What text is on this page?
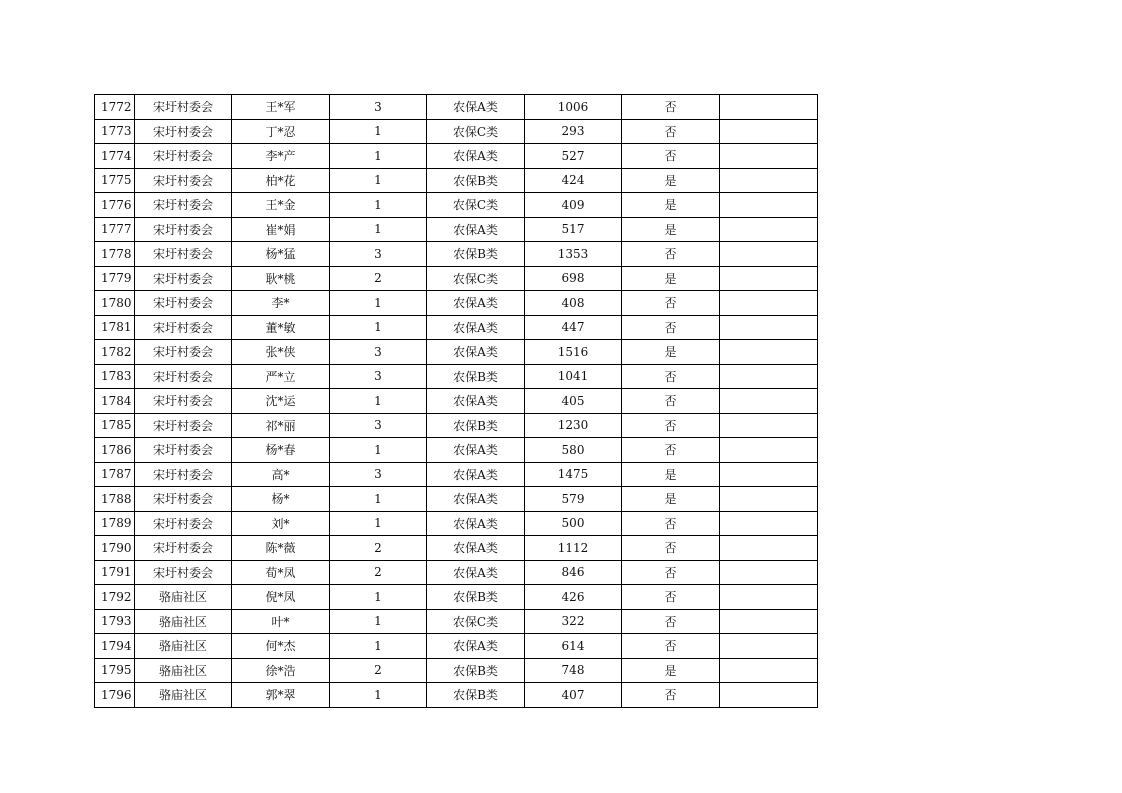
1772	宋圩村委会	王*军	3	农保A类	1006	否	
1773	宋圩村委会	丁*忍	1	农保C类	293	否	
1774	宋圩村委会	李*产	1	农保A类	527	否	
1775	宋圩村委会	柏*花	1	农保B类	424	是	
1776	宋圩村委会	王*金	1	农保C类	409	是	
1777	宋圩村委会	崔*娟	1	农保A类	517	是	
1778	宋圩村委会	杨*猛	3	农保B类	1353	否	
1779	宋圩村委会	耿*桃	2	农保C类	698	是	
1780	宋圩村委会	李*	1	农保A类	408	否	
1781	宋圩村委会	董*敏	1	农保A类	447	否	
1782	宋圩村委会	张*侠	3	农保A类	1516	是	
1783	宋圩村委会	严*立	3	农保B类	1041	否	
1784	宋圩村委会	沈*运	1	农保A类	405	否	
1785	宋圩村委会	祁*丽	3	农保B类	1230	否	
1786	宋圩村委会	杨*春	1	农保A类	580	否	
1787	宋圩村委会	高*	3	农保A类	1475	是	
1788	宋圩村委会	杨*	1	农保A类	579	是	
1789	宋圩村委会	刘*	1	农保A类	500	否	
1790	宋圩村委会	陈*薇	2	农保A类	1112	否	
1791	宋圩村委会	荀*凤	2	农保A类	846	否	
1792	骆庙社区	倪*凤	1	农保B类	426	否	
1793	骆庙社区	叶*	1	农保C类	322	否	
1794	骆庙社区	何*杰	1	农保A类	614	否	
1795	骆庙社区	徐*浩	2	农保B类	748	是	
1796	骆庙社区	郭*翠	1	农保B类	407	否	
